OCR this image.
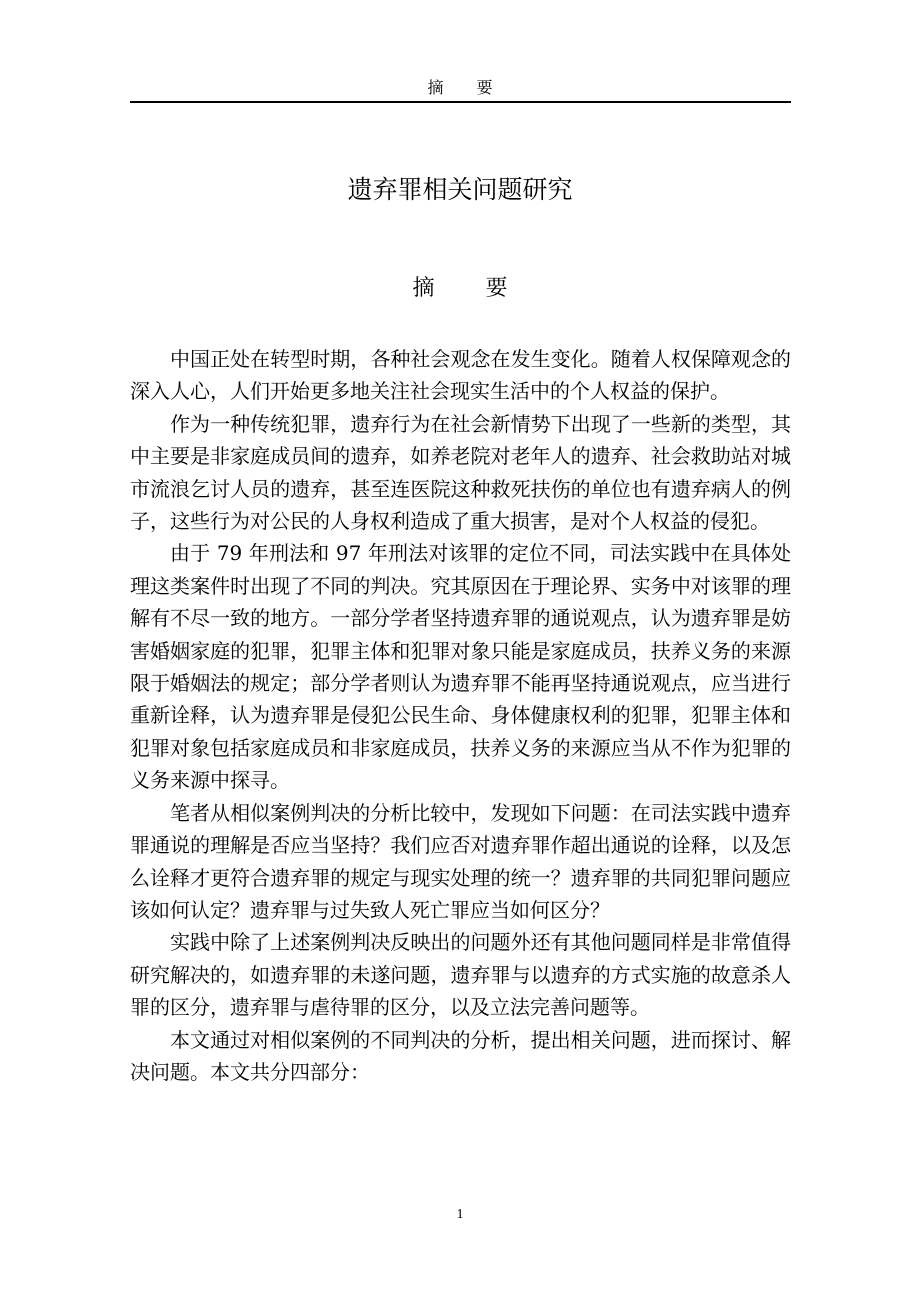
摘 要
遗弃罪相关问题研究
摘 要

中国正处在转型时期，各种社会观念在发生变化。随着人权保障观念的深入人心，人们开始更多地关注社会现实生活中的个人权益的保护。

作为一种传统犯罪，遗弃行为在社会新情势下出现了一些新的类型，其中主要是非家庭成员间的遗弃，如养老院对老年人的遗弃、社会救助站对城市流浪乞讨人员的遗弃，甚至连医院这种救死扶伤的单位也有遗弃病人的例子，这些行为对公民的人身权利造成了重大损害，是对个人权益的侵犯。

由于 79 年刑法和 97 年刑法对该罪的定位不同，司法实践中在具体处理这类案件时出现了不同的判决。究其原因在于理论界、实务中对该罪的理解有不尽一致的地方。一部分学者坚持遗弃罪的通说观点，认为遗弃罪是妨害婚姻家庭的犯罪，犯罪主体和犯罪对象只能是家庭成员，扶养义务的来源限于婚姻法的规定；部分学者则认为遗弃罪不能再坚持通说观点，应当进行重新诠释，认为遗弃罪是侵犯公民生命、身体健康权利的犯罪，犯罪主体和犯罪对象包括家庭成员和非家庭成员，扶养义务的来源应当从不作为犯罪的义务来源中探寻。

笔者从相似案例判决的分析比较中，发现如下问题：在司法实践中遗弃罪通说的理解是否应当坚持？我们应否对遗弃罪作超出通说的诠释，以及怎么诠释才更符合遗弃罪的规定与现实处理的统一？遗弃罪的共同犯罪问题应该如何认定？遗弃罪与过失致人死亡罪应当如何区分？

实践中除了上述案例判决反映出的问题外还有其他问题同样是非常值得研究解决的，如遗弃罪的未遂问题，遗弃罪与以遗弃的方式实施的故意杀人罪的区分，遗弃罪与虐待罪的区分，以及立法完善问题等。

本文通过对相似案例的不同判决的分析，提出相关问题，进而探讨、解决问题。本文共分四部分：

1
